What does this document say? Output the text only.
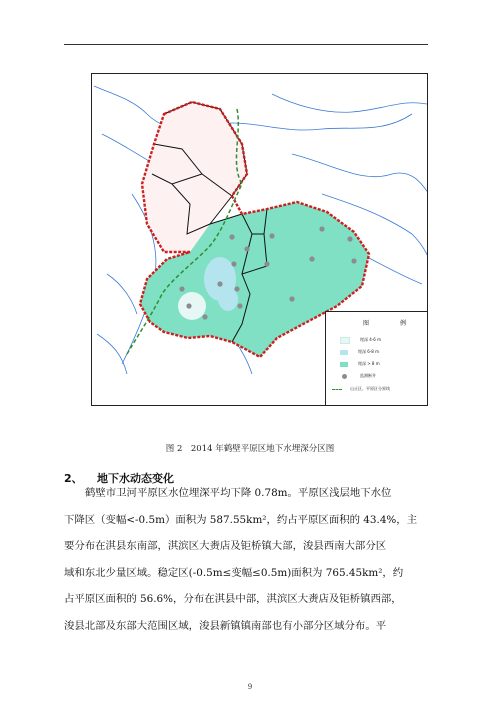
图	例
埋深 4-6 m
埋深 6-8 m
埋深 > 8 m
监测断井
山丘区、平原区分界线
图 2　2014 年鹤壁平原区地下水埋深分区图
2、 地下水动态变化
鹤壁市卫河平原区水位埋深平均下降 0.78m。平原区浅层地下水位
下降区（变幅<-0.5m）面积为 587.55km²，约占平原区面积的 43.4%，主
要分布在淇县东南部，淇滨区大赉店及钜桥镇大部，浚县西南大部分区
域和东北少量区域。稳定区(-0.5m≤变幅≤0.5m)面积为 765.45km²，约
占平原区面积的 56.6%，分布在淇县中部，淇滨区大赉店及钜桥镇西部，
浚县北部及东部大范围区域，浚县新镇镇南部也有小部分区域分布。平
9
